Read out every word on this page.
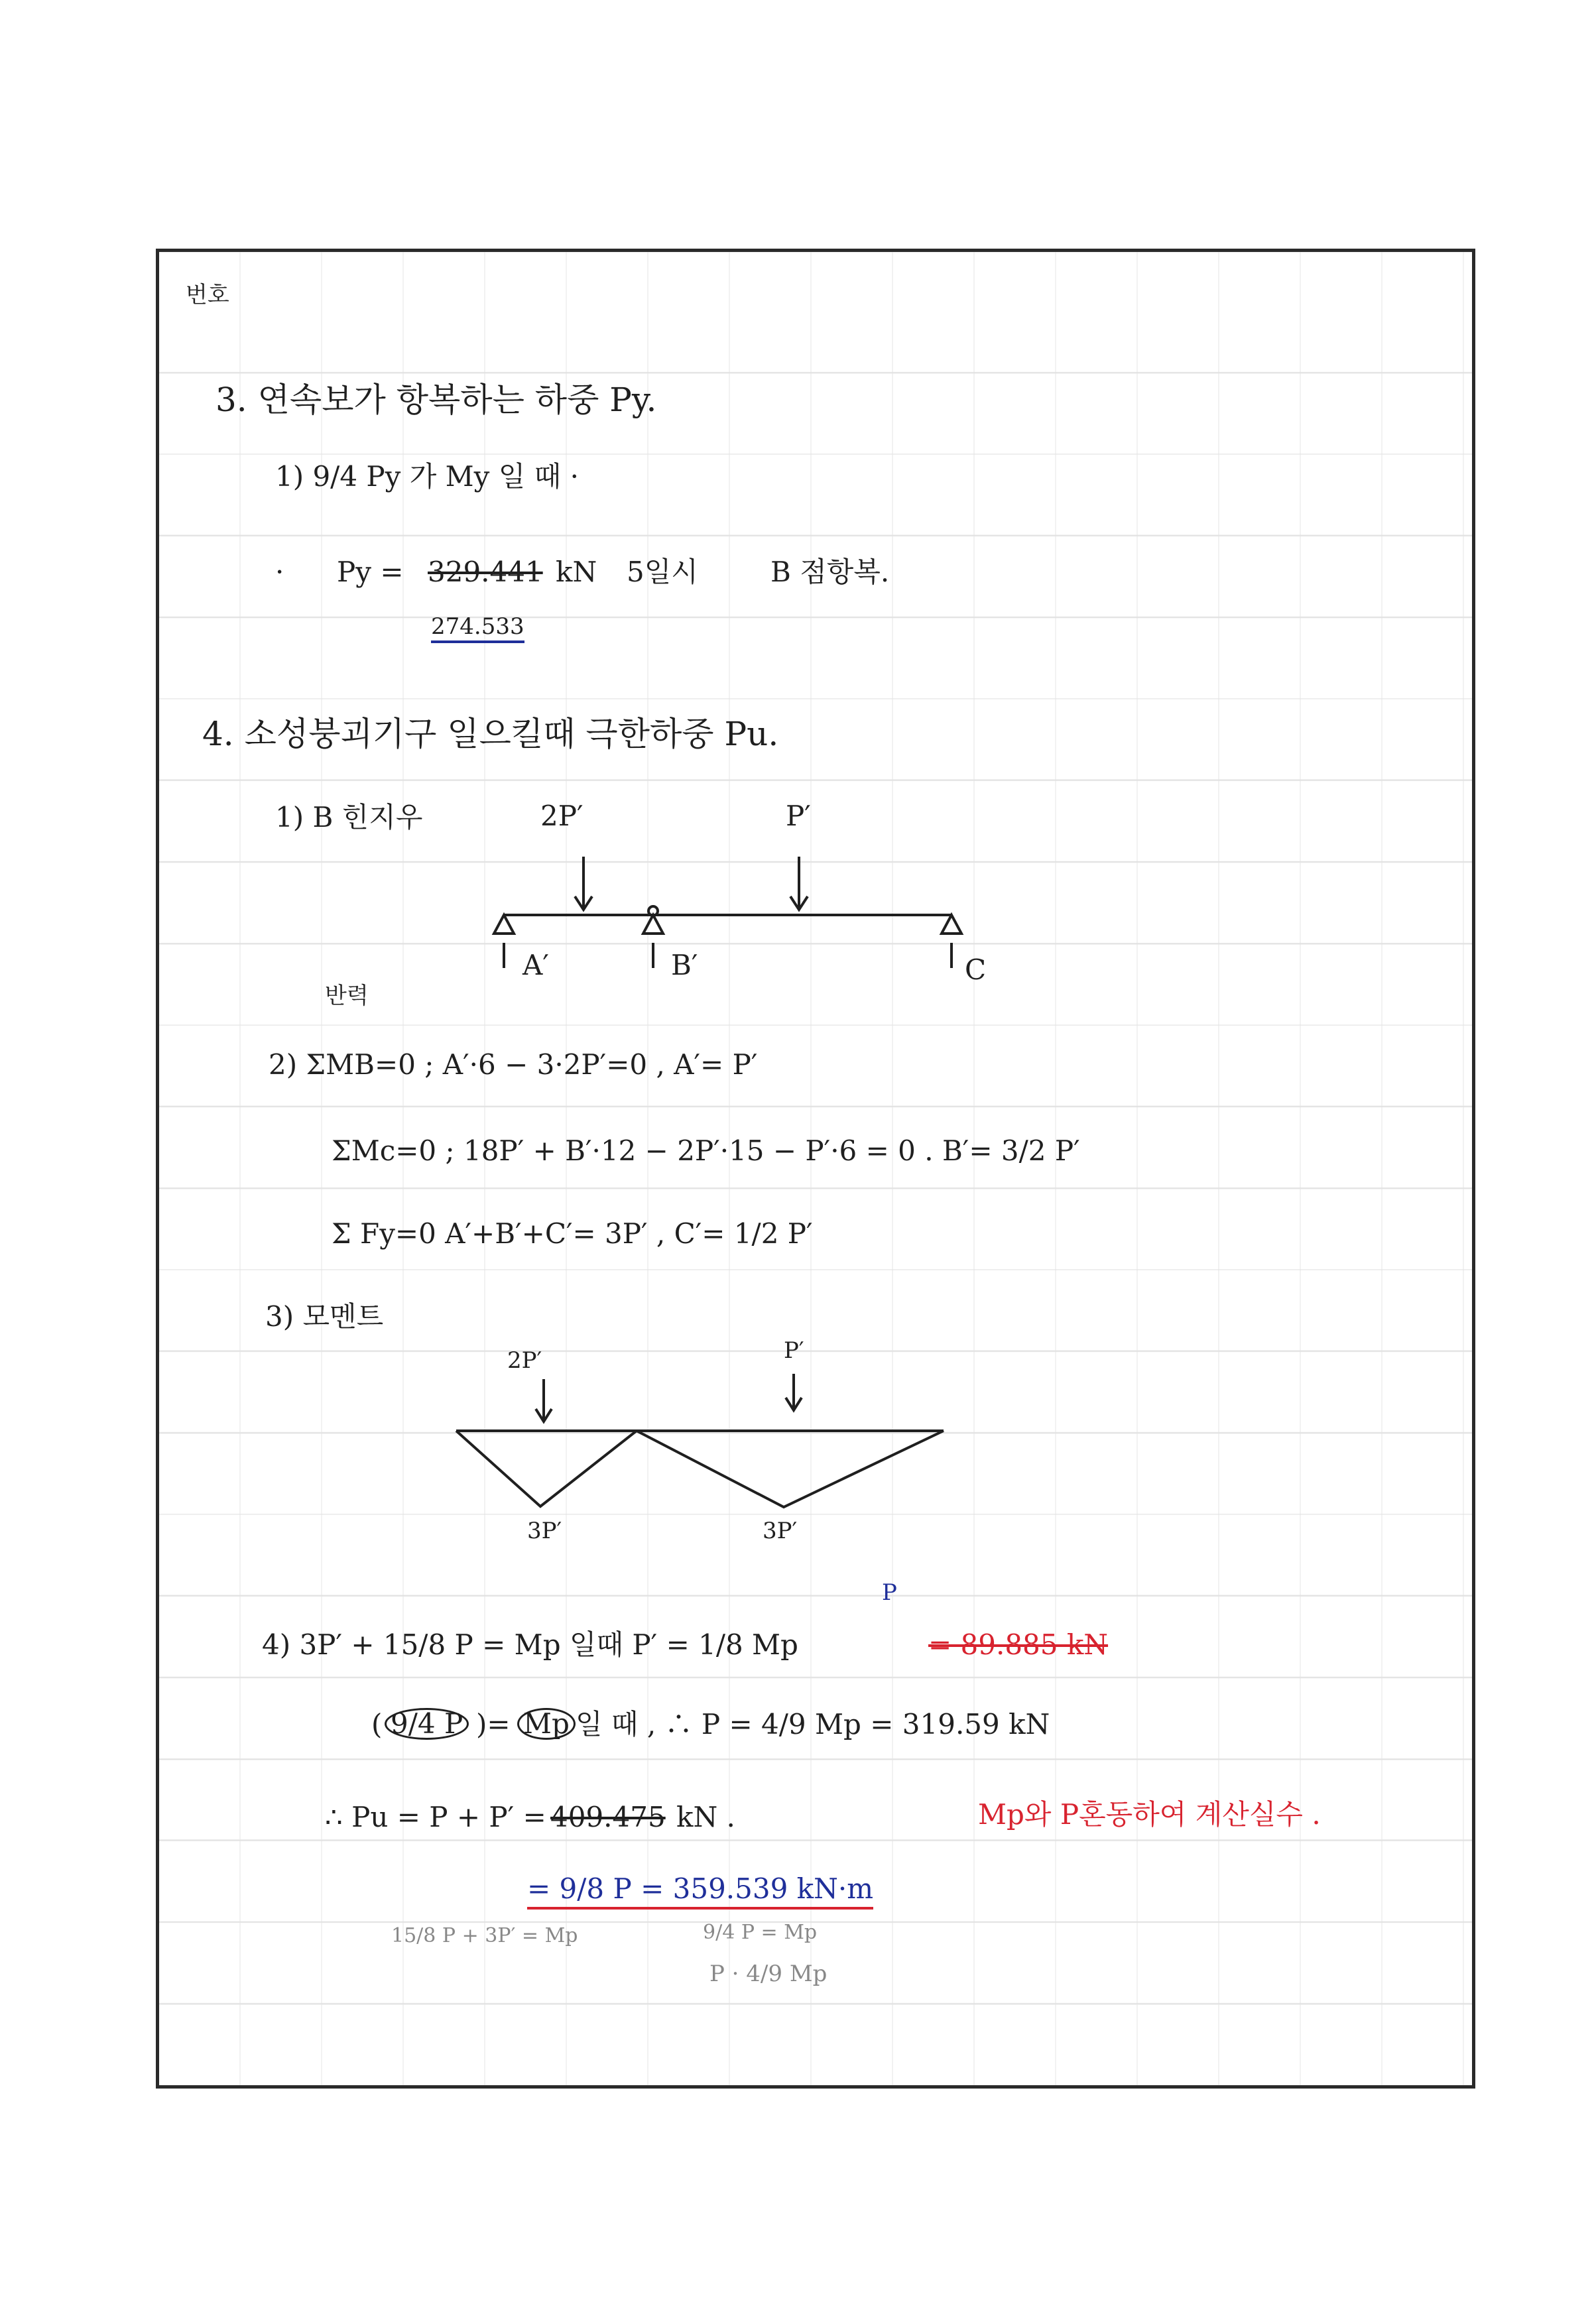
번호
3. 연속보가 항복하는 하중 Py.
1) 9/4 Py 가 My 일 때 ·
· Py = 329.441 kN 5일시	B 점항복.
274.533
4. 소성붕괴기구 일으킬때 극한하중 Pu.
1) B 힌지우	2P′	P′
A′	B′	C
반력
2) ΣMB=0 ; A′·6 − 3·2P′=0 , A′= P′
ΣMc=0 ; 18P′ + B′·12 − 2P′·15 − P′·6 = 0 . B′= 3/2 P′
Σ Fy=0 A′+B′+C′= 3P′ , C′= 1/2 P′
3) 모멘트
2P′	P′
3P′	3P′
4) 3P′ + 15/8 P = Mp 일때 P′ = 1/8 Mp
P
= 89.885 kN
( 9/4 P )= Mp 일 때 , ∴ P = 4/9 Mp = 319.59 kN
∴ Pu = P + P′ = 409.475 kN .	Mp와 P혼동하여 계산실수 .
= 9/8 P = 359.539 kN·m
15/8 P + 3P′ = Mp	9/4 P = Mp
P · 4/9 Mp
